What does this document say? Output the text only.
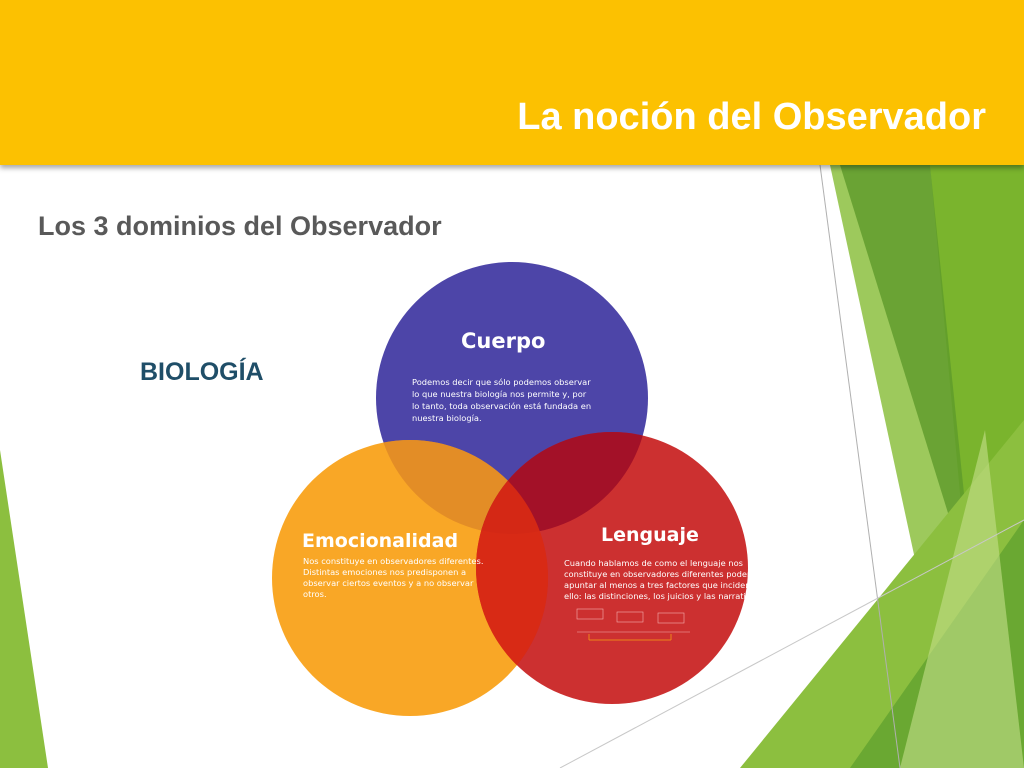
La noción del Observador
Los 3 dominios del Observador
BIOLOGÍA
Cuerpo
Podemos decir que sólo podemos observar
lo que nuestra biología nos permite y, por
lo tanto, toda observación está fundada en
nuestra biología.
Emocionalidad
Nos constituye en observadores diferentes.
Distintas emociones nos predisponen a
observar ciertos eventos y a no observar
otros.
Lenguaje
Cuando hablamos de como el lenguaje nos
constituye en observadores diferentes podemos
apuntar al menos a tres factores que inciden en
ello: las distinciones, los juicios y las narrativas
